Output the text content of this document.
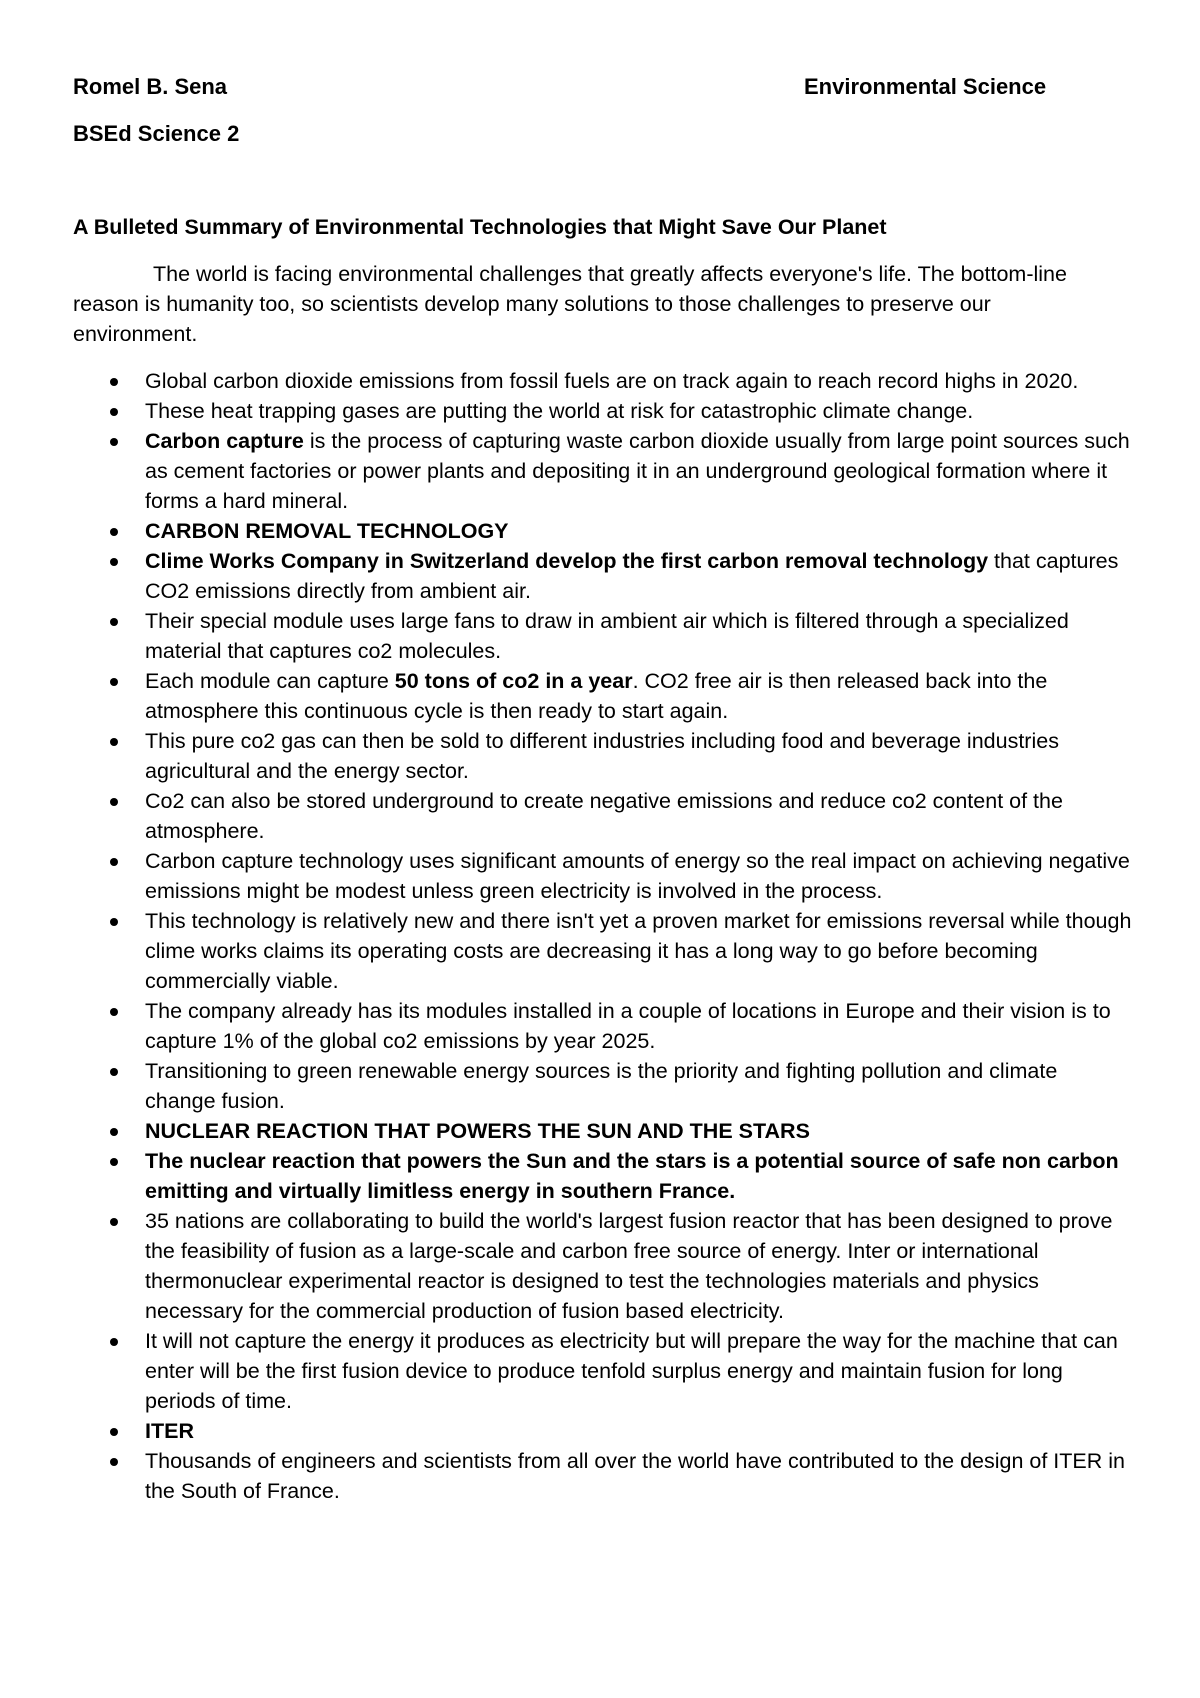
Romel B. Sena	Environmental Science
BSEd Science 2
A Bulleted Summary of Environmental Technologies that Might Save Our Planet

The world is facing environmental challenges that greatly affects everyone's life. The bottom-line reason is humanity too, so scientists develop many solutions to those challenges to preserve our environment.

Global carbon dioxide emissions from fossil fuels are on track again to reach record highs in 2020.
These heat trapping gases are putting the world at risk for catastrophic climate change.
Carbon capture is the process of capturing waste carbon dioxide usually from large point sources such as cement factories or power plants and depositing it in an underground geological formation where it forms a hard mineral.
CARBON REMOVAL TECHNOLOGY
Clime Works Company in Switzerland develop the first carbon removal technology that captures CO2 emissions directly from ambient air.
Their special module uses large fans to draw in ambient air which is filtered through a specialized material that captures co2 molecules.
Each module can capture 50 tons of co2 in a year. CO2 free air is then released back into the atmosphere this continuous cycle is then ready to start again.
This pure co2 gas can then be sold to different industries including food and beverage industries agricultural and the energy sector.
Co2 can also be stored underground to create negative emissions and reduce co2 content of the atmosphere.
Carbon capture technology uses significant amounts of energy so the real impact on achieving negative emissions might be modest unless green electricity is involved in the process.
This technology is relatively new and there isn't yet a proven market for emissions reversal while though clime works claims its operating costs are decreasing it has a long way to go before becoming commercially viable.
The company already has its modules installed in a couple of locations in Europe and their vision is to capture 1% of the global co2 emissions by year 2025.
Transitioning to green renewable energy sources is the priority and fighting pollution and climate change fusion.
NUCLEAR REACTION THAT POWERS THE SUN AND THE STARS
The nuclear reaction that powers the Sun and the stars is a potential source of safe non carbon emitting and virtually limitless energy in southern France.
35 nations are collaborating to build the world's largest fusion reactor that has been designed to prove the feasibility of fusion as a large-scale and carbon free source of energy. Inter or international thermonuclear experimental reactor is designed to test the technologies materials and physics necessary for the commercial production of fusion based electricity.
It will not capture the energy it produces as electricity but will prepare the way for the machine that can enter will be the first fusion device to produce tenfold surplus energy and maintain fusion for long periods of time.
ITER
Thousands of engineers and scientists from all over the world have contributed to the design of ITER in the South of France.
